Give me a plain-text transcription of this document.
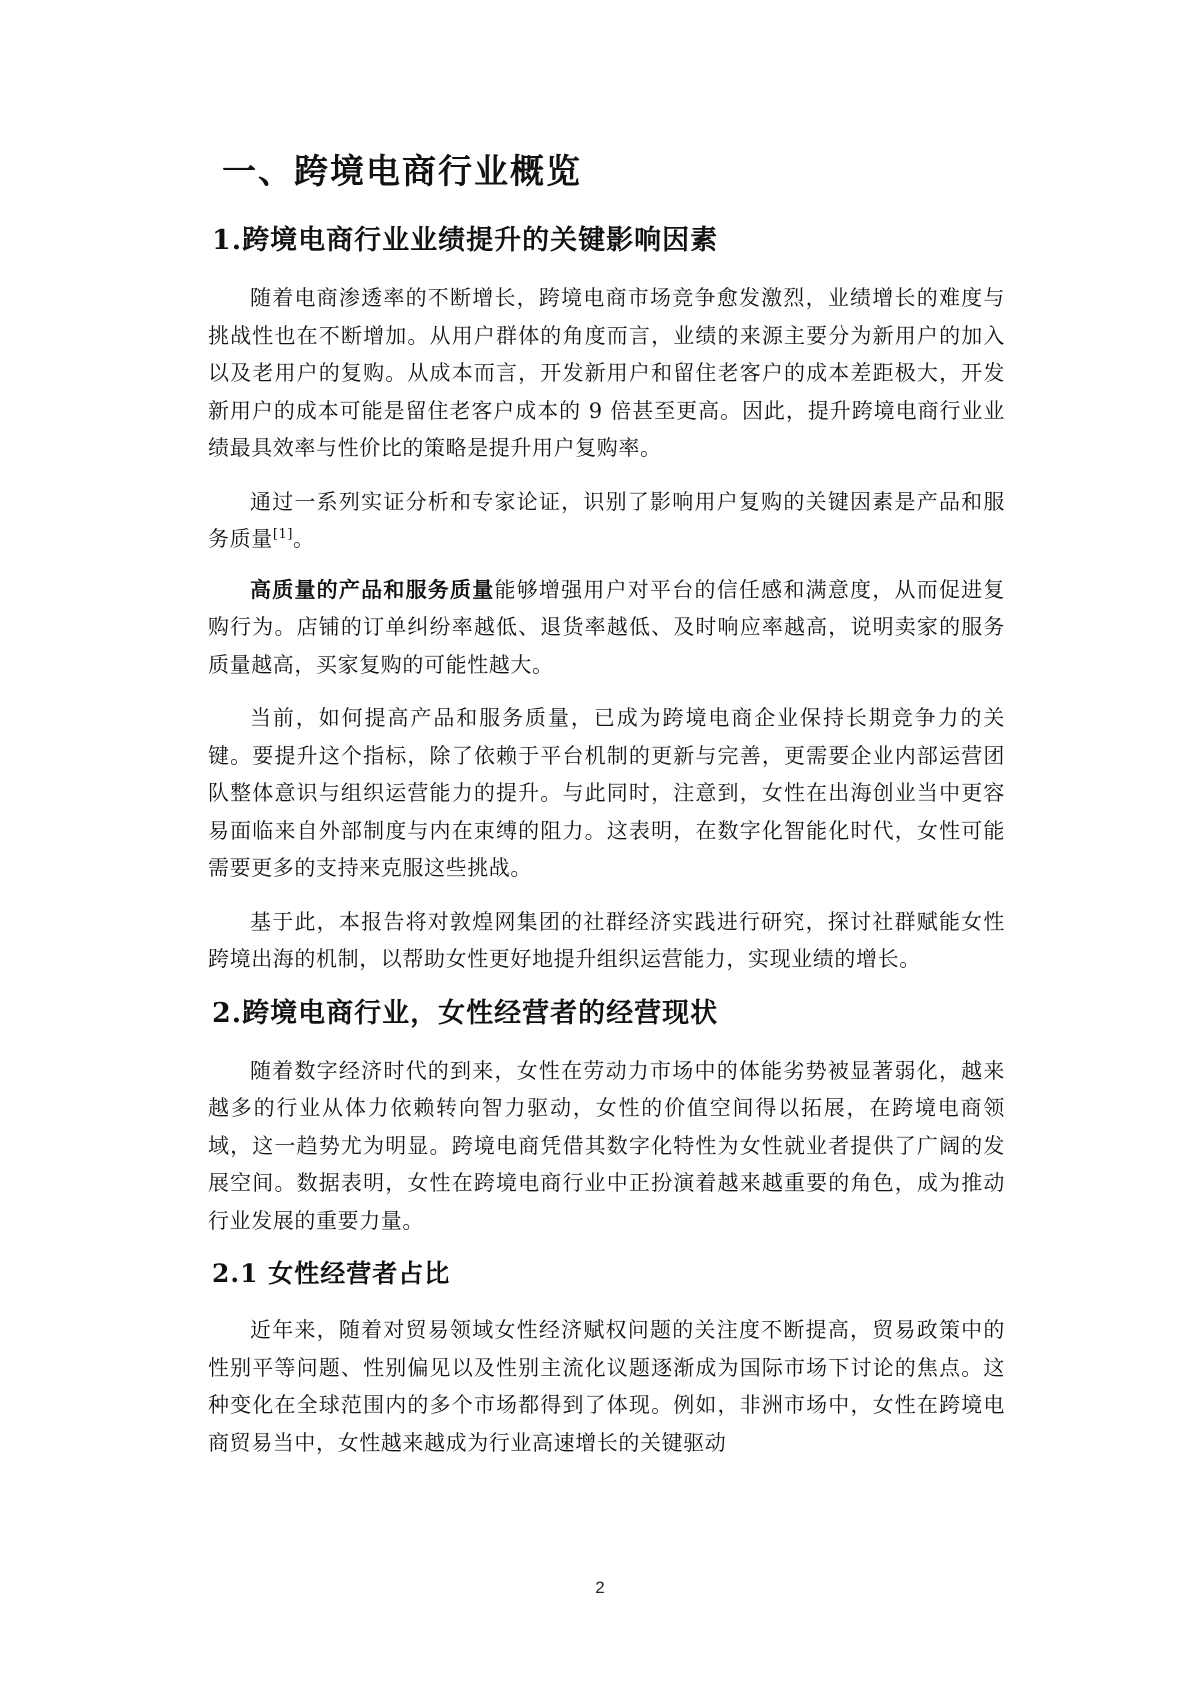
一、跨境电商行业概览
1.跨境电商行业业绩提升的关键影响因素

随着电商渗透率的不断增长，跨境电商市场竞争愈发激烈，业绩增长的难度与挑战性也在不断增加。从用户群体的角度而言，业绩的来源主要分为新用户的加入以及老用户的复购。从成本而言，开发新用户和留住老客户的成本差距极大，开发新用户的成本可能是留住老客户成本的 9 倍甚至更高。因此，提升跨境电商行业业绩最具效率与性价比的策略是提升用户复购率。

通过一系列实证分析和专家论证，识别了影响用户复购的关键因素是产品和服务质量[1]。

高质量的产品和服务质量能够增强用户对平台的信任感和满意度，从而促进复购行为。店铺的订单纠纷率越低、退货率越低、及时响应率越高，说明卖家的服务质量越高，买家复购的可能性越大。

当前，如何提高产品和服务质量，已成为跨境电商企业保持长期竞争力的关键。要提升这个指标，除了依赖于平台机制的更新与完善，更需要企业内部运营团队整体意识与组织运营能力的提升。与此同时，注意到，女性在出海创业当中更容易面临来自外部制度与内在束缚的阻力。这表明，在数字化智能化时代，女性可能需要更多的支持来克服这些挑战。

基于此，本报告将对敦煌网集团的社群经济实践进行研究，探讨社群赋能女性跨境出海的机制，以帮助女性更好地提升组织运营能力，实现业绩的增长。

2.跨境电商行业，女性经营者的经营现状

随着数字经济时代的到来，女性在劳动力市场中的体能劣势被显著弱化，越来越多的行业从体力依赖转向智力驱动，女性的价值空间得以拓展，在跨境电商领域，这一趋势尤为明显。跨境电商凭借其数字化特性为女性就业者提供了广阔的发展空间。数据表明，女性在跨境电商行业中正扮演着越来越重要的角色，成为推动行业发展的重要力量。

2.1 女性经营者占比

近年来，随着对贸易领域女性经济赋权问题的关注度不断提高，贸易政策中的性别平等问题、性别偏见以及性别主流化议题逐渐成为国际市场下讨论的焦点。这种变化在全球范围内的多个市场都得到了体现。例如，非洲市场中，女性在跨境电商贸易当中，女性越来越成为行业高速增长的关键驱动

2
